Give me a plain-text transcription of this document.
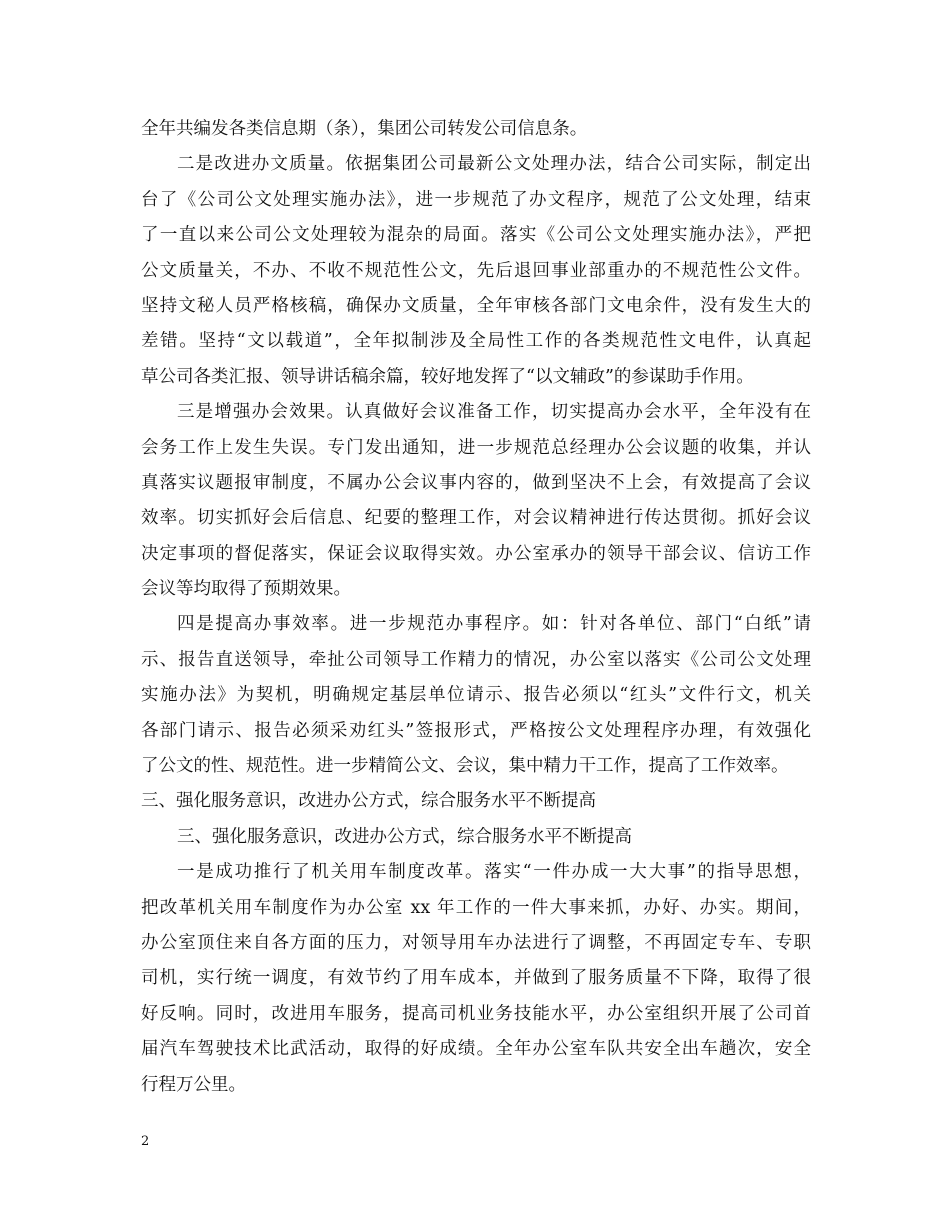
全年共编发各类信息期（条），集团公司转发公司信息条。
二是改进办文质量。依据集团公司最新公文处理办法，结合公司实际，制定出
台了《公司公文处理实施办法》，进一步规范了办文程序，规范了公文处理，结束
了一直以来公司公文处理较为混杂的局面。落实《公司公文处理实施办法》，严把
公文质量关，不办、不收不规范性公文，先后退回事业部重办的不规范性公文件。
坚持文秘人员严格核稿，确保办文质量，全年审核各部门文电余件，没有发生大的
差错。坚持“文以载道”，全年拟制涉及全局性工作的各类规范性文电件，认真起
草公司各类汇报、领导讲话稿余篇，较好地发挥了“以文辅政”的参谋助手作用。
三是增强办会效果。认真做好会议准备工作，切实提高办会水平，全年没有在
会务工作上发生失误。专门发出通知，进一步规范总经理办公会议题的收集，并认
真落实议题报审制度，不属办公会议事内容的，做到坚决不上会，有效提高了会议
效率。切实抓好会后信息、纪要的整理工作，对会议精神进行传达贯彻。抓好会议
决定事项的督促落实，保证会议取得实效。办公室承办的领导干部会议、信访工作
会议等均取得了预期效果。
四是提高办事效率。进一步规范办事程序。如：针对各单位、部门“白纸”请
示、报告直送领导，牵扯公司领导工作精力的情况，办公室以落实《公司公文处理
实施办法》为契机，明确规定基层单位请示、报告必须以“红头”文件行文，机关
各部门请示、报告必须采劝红头”签报形式，严格按公文处理程序办理，有效强化
了公文的性、规范性。进一步精简公文、会议，集中精力干工作，提高了工作效率。
三、强化服务意识，改进办公方式，综合服务水平不断提高
三、强化服务意识，改进办公方式，综合服务水平不断提高
一是成功推行了机关用车制度改革。落实“一件办成一大大事”的指导思想，
把改革机关用车制度作为办公室 xx 年工作的一件大事来抓，办好、办实。期间，
办公室顶住来自各方面的压力，对领导用车办法进行了调整，不再固定专车、专职
司机，实行统一调度，有效节约了用车成本，并做到了服务质量不下降，取得了很
好反响。同时，改进用车服务，提高司机业务技能水平，办公室组织开展了公司首
届汽车驾驶技术比武活动，取得的好成绩。全年办公室车队共安全出车趟次，安全
行程万公里。
2
